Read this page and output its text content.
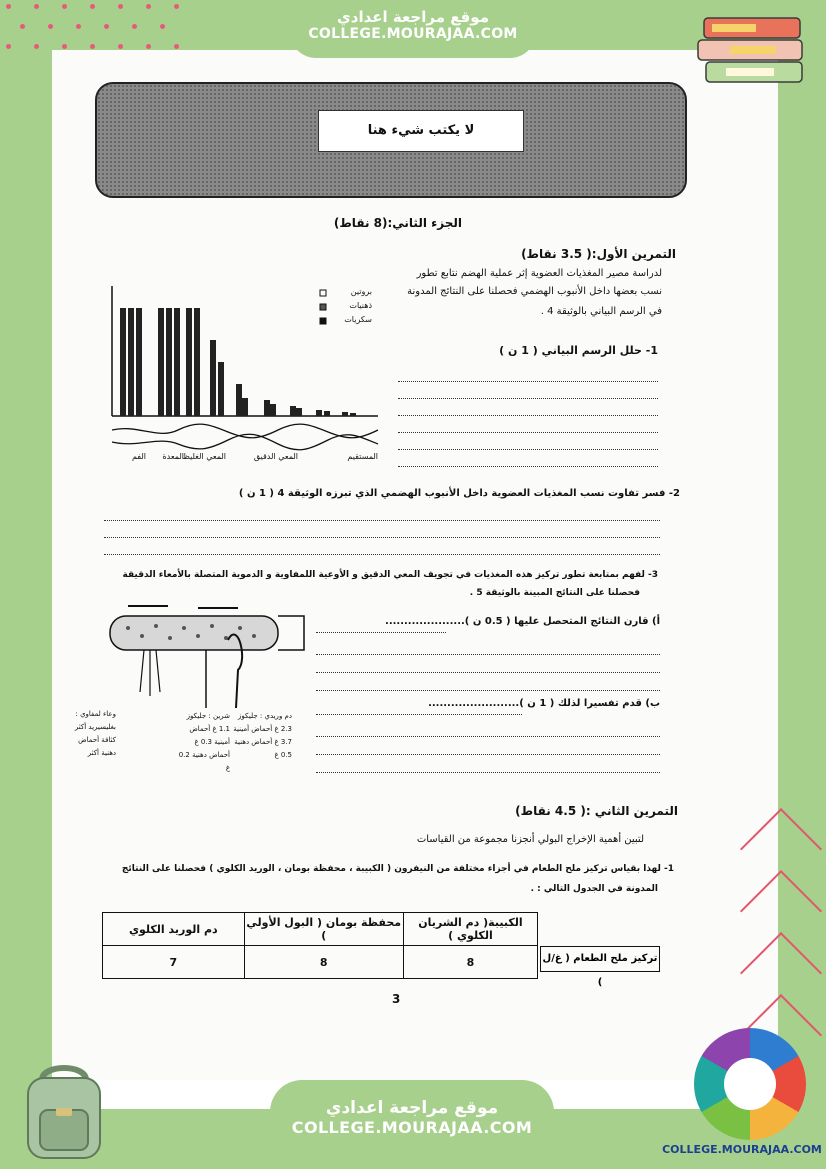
موقع مراجعة اعدادي
COLLEGE.MOURAJAA.COM
لا يكتب شيء هنا
الجزء الثاني:(8 نقاط)
التمرين الأول:( 3.5 نقاط)
لدراسة مصير المغذيات العضوية إثر عملية الهضم نتابع تطور
نسب بعضها داخل الأنبوب الهضمي فحصلنا على النتائج المدونة
في الرسم البياني بالوثيقة 4 .
بروتين
ذهنيات
سكريات
الفم	المعدة	المعي الدقيق
المعي الغليظ	المستقيم
1- حلل الرسم البياني ( 1 ن )
2- فسر تفاوت نسب المغذيات العضوية داخل الأنبوب الهضمي الذي تبرزه الوثيقة 4 ( 1 ن )
3- لفهم بمتابعة تطور تركيز هذه المغذيات في تجويف المعي الدقيق و الأوعية اللمفاوية و الدموية المتصلة بالأمعاء الدقيقة
فحصلنا على النتائج المبينة بالوثيقة 5 .
وعاء لمفاوي : بغليسيريد أكثر كثافة أحماض دهنية أكثر
شرين : جليكوز 1.1 غ أحماض أمينية 0.3 غ أحماض دهنية 0.2 غ
دم وريدي : جليكوز 2.3 غ أحماض أمينية 3.7 غ أحماض دهنية 0.5 غ
أ) قارن النتائج المتحصل عليها ( 0.5 ن ).....................
ب) قدم تفسيرا لذلك ( 1 ن )........................
التمرين الثاني :( 4.5 نقاط)
لتبين أهمية الإخراج البولي أنجزنا مجموعة من القياسات
1- لهذا بقياس تركيز ملح الطعام في أجزاء مختلفة من النيفرون ( الكبيبة ، محفظة بومان ، الوريد الكلوي ) فحصلنا على النتائج
المدونة في الجدول التالي : .
دم الوريد الكلوي	محفظة بومان ( البول الأولي )	الكبيبة( دم الشريان الكلوي )
7	8	8	تركيز ملح الطعام ( غ/ل )
3
موقع مراجعة اعدادي
COLLEGE.MOURAJAA.COM
COLLEGE.MOURAJAA.COM
